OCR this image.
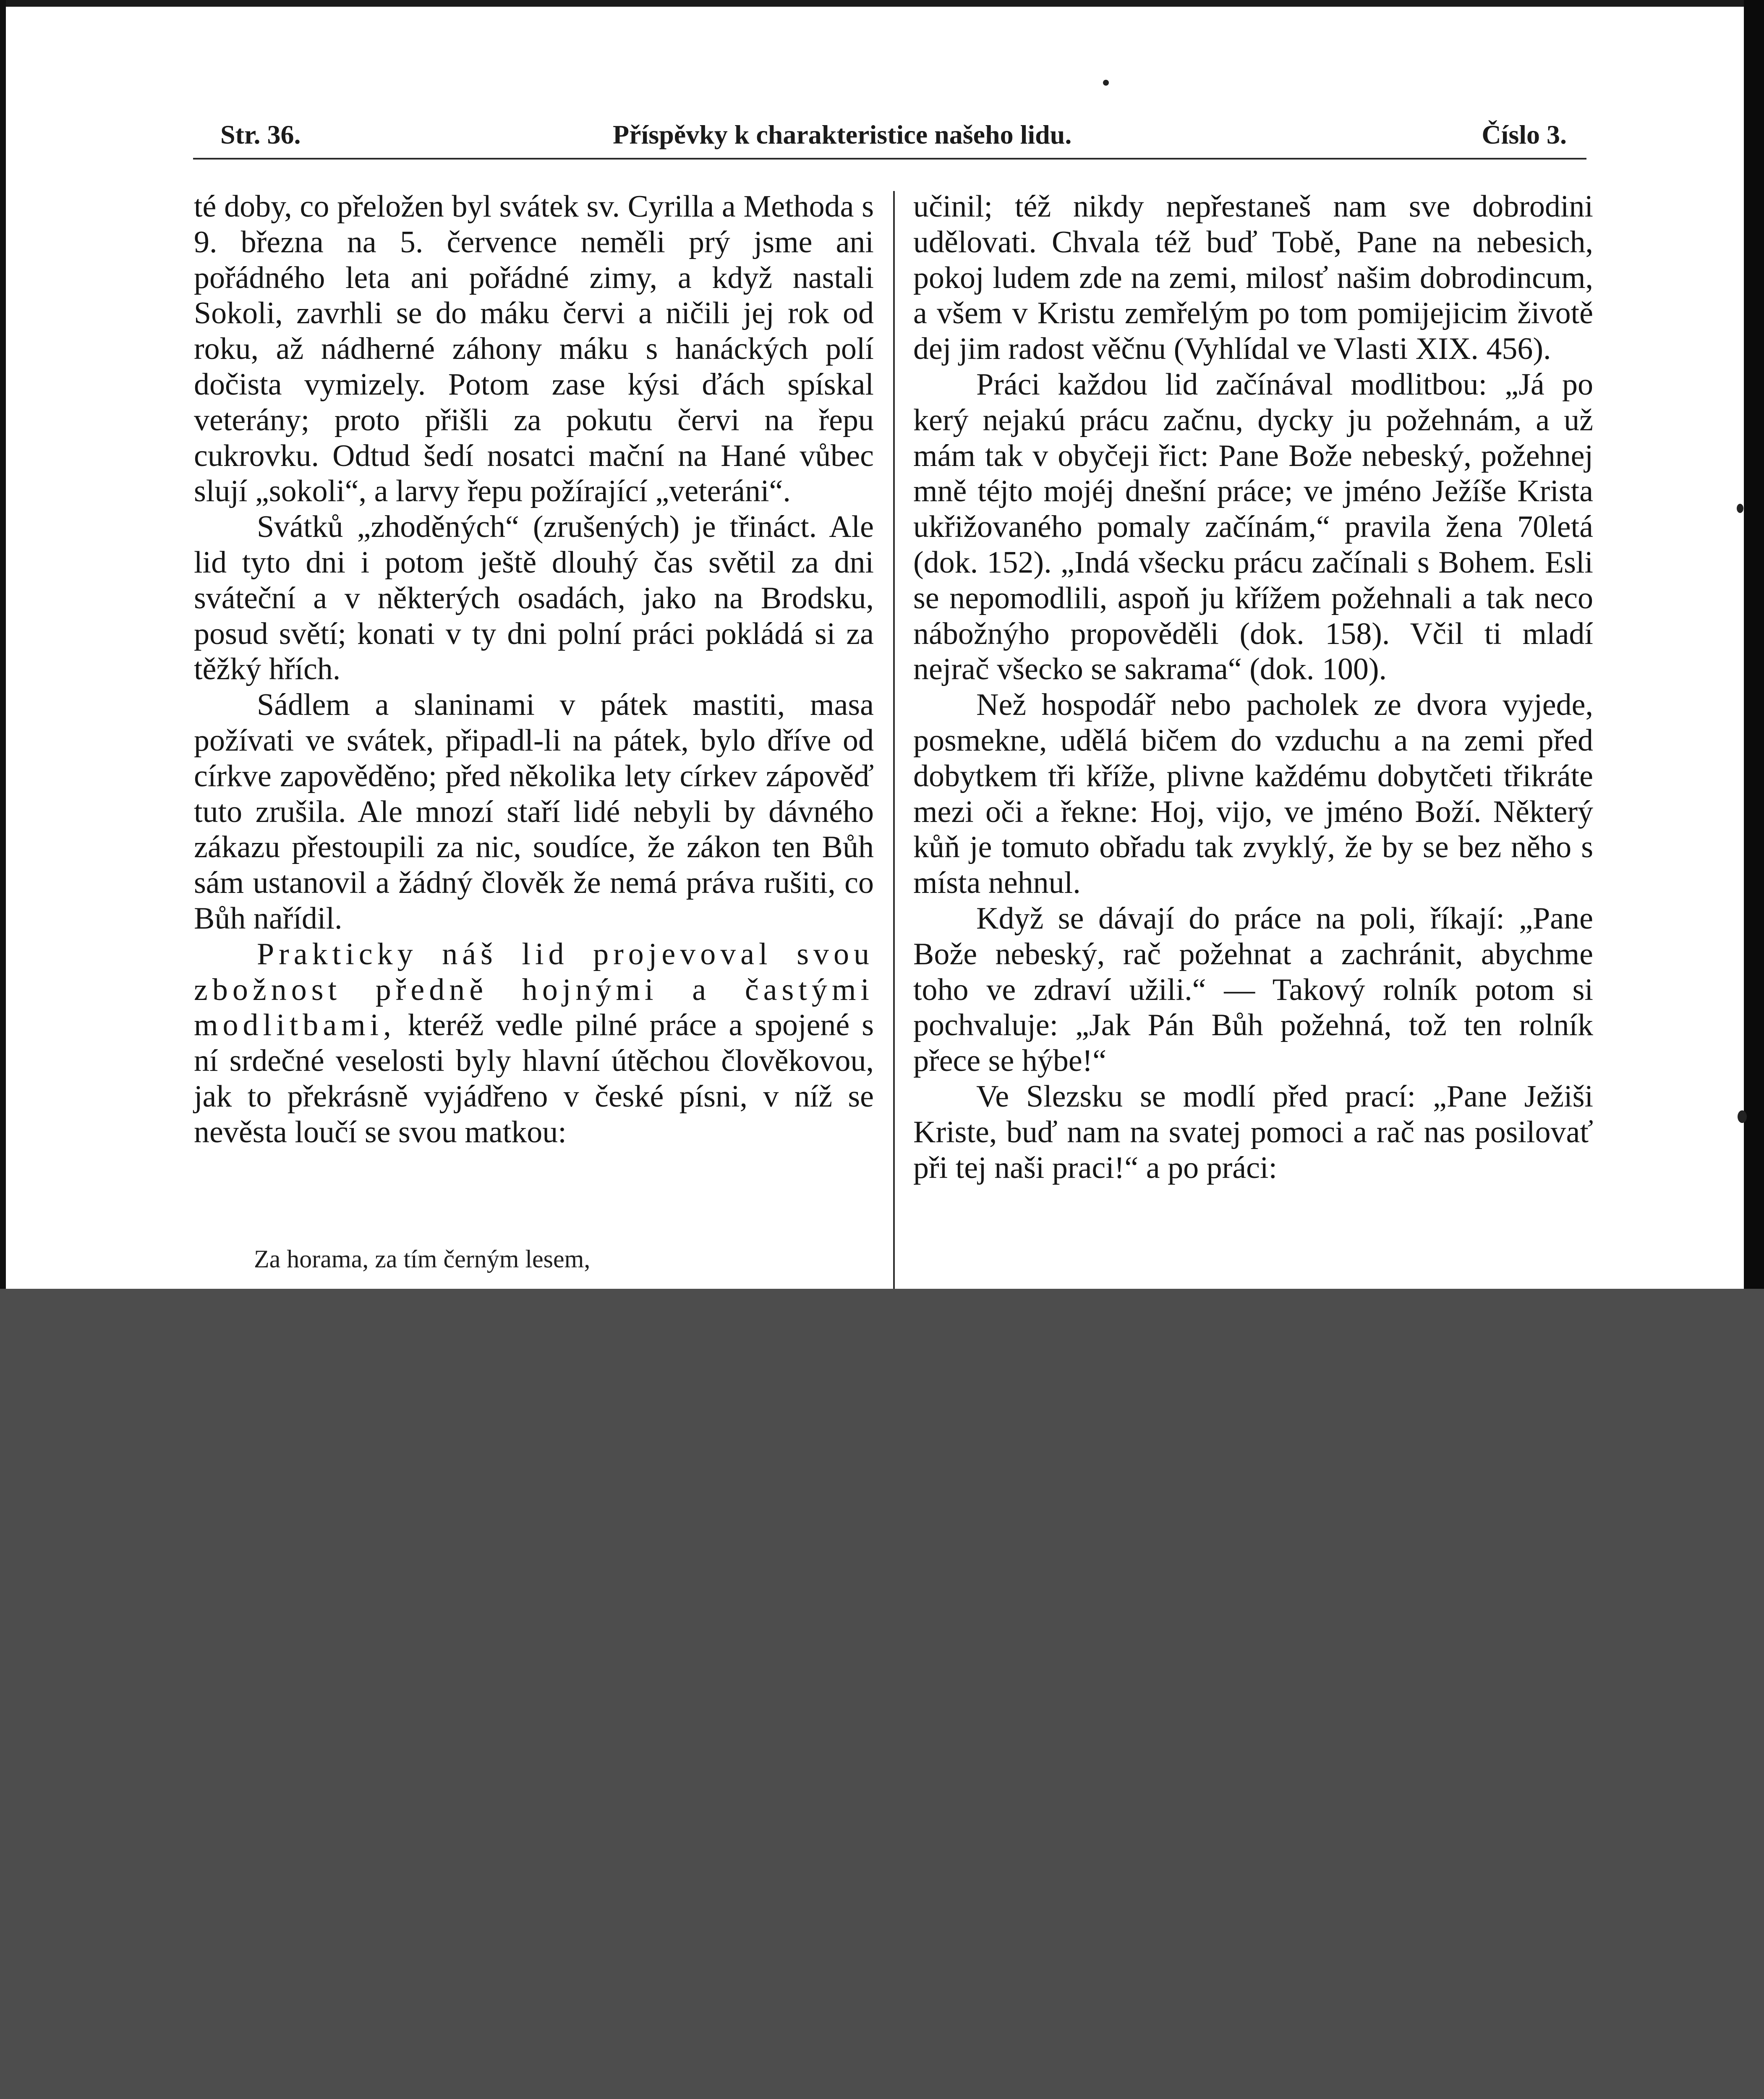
Str. 36.	Příspěvky k charakteristice našeho lidu.	Číslo 3.

té doby, co přeložen byl svátek sv. Cyrilla a Methoda s 9. března na 5. července neměli prý jsme ani pořádného leta ani pořádné zimy, a když nastali Sokoli, zavrhli se do máku červi a ničili jej rok od roku, až nádherné záhony máku s hanáckých polí dočista vymizely. Potom zase kýsi ďách spískal veterány; proto přišli za pokutu červi na řepu cukrovku. Odtud šedí nosatci mační na Hané vůbec slují „sokoli“, a larvy řepu požírající „veteráni“.

Svátků „zhoděných“ (zrušených) je třináct. Ale lid tyto dni i potom ještě dlouhý čas světil za dni sváteční a v některých osadách, jako na Brodsku, posud světí; konati v ty dni polní práci pokládá si za těžký hřích.

Sádlem a slaninami v pátek mastiti, masa požívati ve svátek, připadl-li na pátek, bylo dříve od církve zapověděno; před několika lety církev zápověď tuto zrušila. Ale mnozí staří lidé nebyli by dávného zákazu přestoupili za nic, soudíce, že zákon ten Bůh sám ustanovil a žádný člověk že nemá práva rušiti, co Bůh nařídil.

Prakticky náš lid projevoval svou zbožnost předně hojnými a častými modlitbami, kteréž vedle pilné práce a spojené s ní srdečné veselosti byly hlavní útěchou člověkovou, jak to překrásně vyjádřeno v české písni, v níž se nevěsta loučí se svou matkou:

Za horama, za tím černým lesem,

učinil; též nikdy nepřestaneš nam sve dobrodini udělovati. Chvala též buď Tobě, Pane na nebesich, pokoj ludem zde na zemi, milosť našim dobrodincum, a všem v Kristu zemřelým po tom pomijejicim životě dej jim radost věčnu (Vyhlídal ve Vlasti XIX. 456).

Práci každou lid začínával modlitbou: „Já po kerý nejakú prácu začnu, dycky ju požehnám, a už mám tak v obyčeji řict: Pane Bože nebeský, požehnej mně téjto mojéj dnešní práce; ve jméno Ježíše Krista ukřižovaného pomaly začínám,“ pravila žena 70letá (dok. 152). „Indá všecku prácu začínali s Bohem. Esli se nepomodlili, aspoň ju křížem požehnali a tak neco nábožnýho propověděli (dok. 158). Včil ti mladí nejrač všecko se sakrama“ (dok. 100).

Než hospodář nebo pacholek ze dvora vyjede, posmekne, udělá bičem do vzduchu a na zemi před dobytkem tři kříže, plivne každému dobytčeti třikráte mezi oči a řekne: Hoj, vijo, ve jméno Boží. Některý kůň je tomuto obřadu tak zvyklý, že by se bez něho s místa nehnul.

Když se dávají do práce na poli, říkají: „Pane Bože nebeský, rač požehnat a zachránit, abychme toho ve zdraví užili.“ — Takový rolník potom si pochvaluje: „Jak Pán Bůh požehná, tož ten rolník přece se hýbe!“

Ve Slezsku se modlí před prací: „Pane Ježiši Kriste, buď nam na svatej pomoci a rač nas posilovať při tej naši praci!“ a po práci:
